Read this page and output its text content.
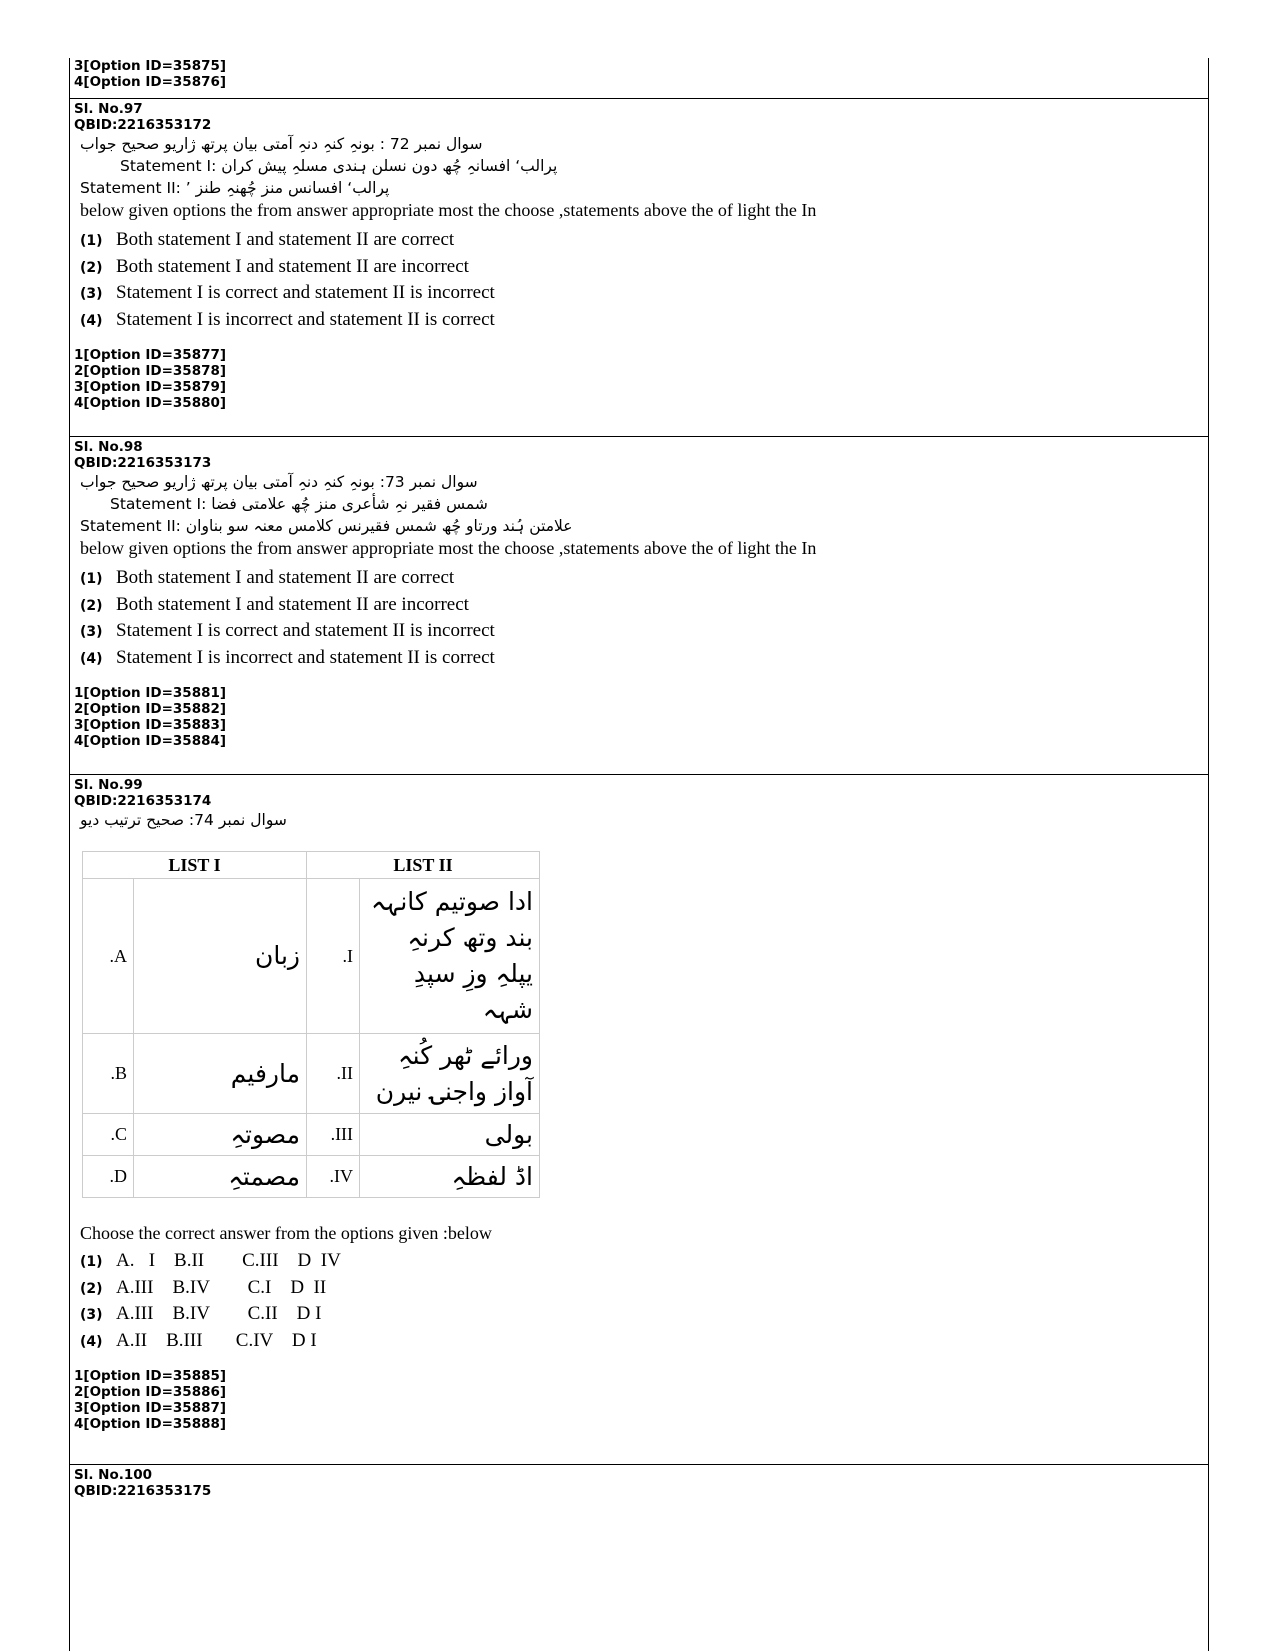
3[Option ID=35875]
4[Option ID=35876]
Sl. No.97
QBID:2216353172
سوال نمبر 72 : بونہِ کنہِ دنہِ آمتی بیان پرتھ ژاریو صحیح جواب
Statement I: پرالب‘ افسانہِ چُھ دون نسلن ہندی مسلہِ پیش کران
Statement II: ’ پرالب‘ افسانس منز چُھنہِ طنز
below given options the from answer appropriate most the choose ,statements above the of light the In
(1) Both statement I and statement II are correct
(2) Both statement I and statement II are incorrect
(3) Statement I is correct and statement II is incorrect
(4) Statement I is incorrect and statement II is correct
1[Option ID=35877]
2[Option ID=35878]
3[Option ID=35879]
4[Option ID=35880]
Sl. No.98
QBID:2216353173
سوال نمبر 73: بونہِ کنہِ دنہِ آمتی بیان پرتھ ژاریو صحیح جواب
Statement I: شمس فقیر نہِ شأعری منز چُھ علامتی فضا
Statement II: علامتن ہُند ورتاو چُھ شمس فقیرنس کلامس معنہ سو بناوان
below given options the from answer appropriate most the choose ,statements above the of light the In
(1) Both statement I and statement II are correct
(2) Both statement I and statement II are incorrect
(3) Statement I is correct and statement II is incorrect
(4) Statement I is incorrect and statement II is correct
1[Option ID=35881]
2[Option ID=35882]
3[Option ID=35883]
4[Option ID=35884]
Sl. No.99
QBID:2216353174
سوال نمبر 74: صحیح ترتیب دیو
LIST I		LIST II	
.A	زبان	.I	ادا صوتیم کانہہ بند وتھ کرنہِ یپلہِ وزِ سپدِ شہہ
.B	مارفیم	.II	ورائے ٹھر کُنہِ آواز واجنۍ نیرن
.C	مصوتہِ	.III	بولی
.D	مصمتہِ	.IV	اڈ لفظہِ
Choose the correct answer from the options given :below
(1) A.   I    B.II        C.III    D  IV
(2) A.III    B.IV        C.I    D  II
(3) A.III    B.IV        C.II    D I
(4) A.II    B.III       C.IV    D I
1[Option ID=35885]
2[Option ID=35886]
3[Option ID=35887]
4[Option ID=35888]
Sl. No.100
QBID:2216353175
